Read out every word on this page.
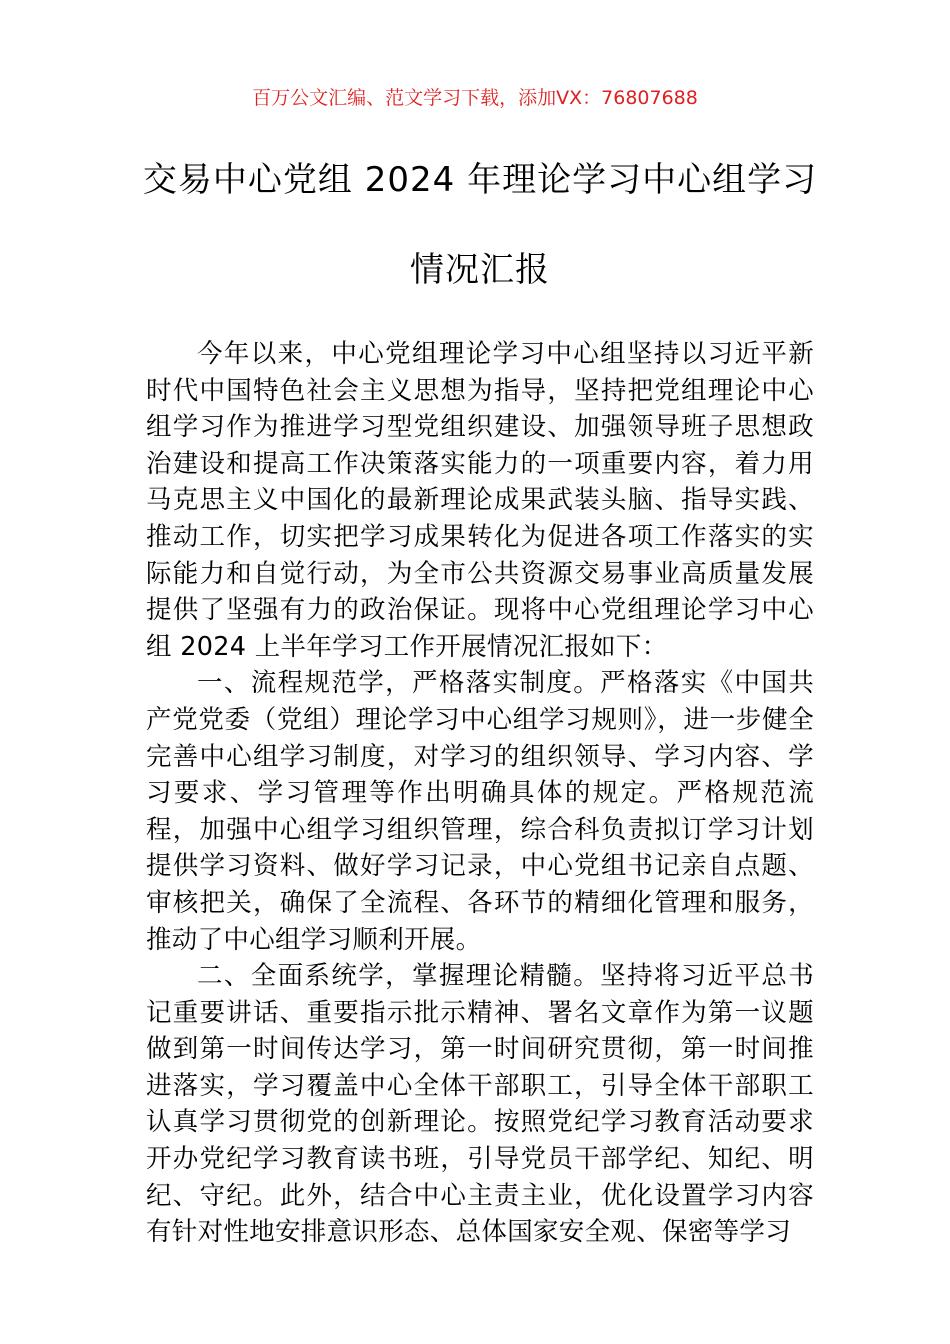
百万公文汇编、范文学习下载，添加VX：76807688
交易中心党组 2024 年理论学习中心组学习
情况汇报

今年以来，中心党组理论学习中心组坚持以习近平新时代中国特色社会主义思想为指导，坚持把党组理论中心组学习作为推进学习型党组织建设、加强领导班子思想政治建设和提高工作决策落实能力的一项重要内容，着力用马克思主义中国化的最新理论成果武装头脑、指导实践、推动工作，切实把学习成果转化为促进各项工作落实的实际能力和自觉行动，为全市公共资源交易事业高质量发展提供了坚强有力的政治保证。现将中心党组理论学习中心组 2024 上半年学习工作开展情况汇报如下：

一、流程规范学，严格落实制度。严格落实《中国共产党党委（党组）理论学习中心组学习规则》，进一步健全完善中心组学习制度，对学习的组织领导、学习内容、学习要求、学习管理等作出明确具体的规定。严格规范流程，加强中心组学习组织管理，综合科负责拟订学习计划提供学习资料、做好学习记录，中心党组书记亲自点题、审核把关，确保了全流程、各环节的精细化管理和服务，推动了中心组学习顺利开展。

二、全面系统学，掌握理论精髓。坚持将习近平总书记重要讲话、重要指示批示精神、署名文章作为第一议题做到第一时间传达学习，第一时间研究贯彻，第一时间推进落实，学习覆盖中心全体干部职工，引导全体干部职工认真学习贯彻党的创新理论。按照党纪学习教育活动要求开办党纪学习教育读书班，引导党员干部学纪、知纪、明纪、守纪。此外，结合中心主责主业，优化设置学习内容有针对性地安排意识形态、总体国家安全观、保密等学习
